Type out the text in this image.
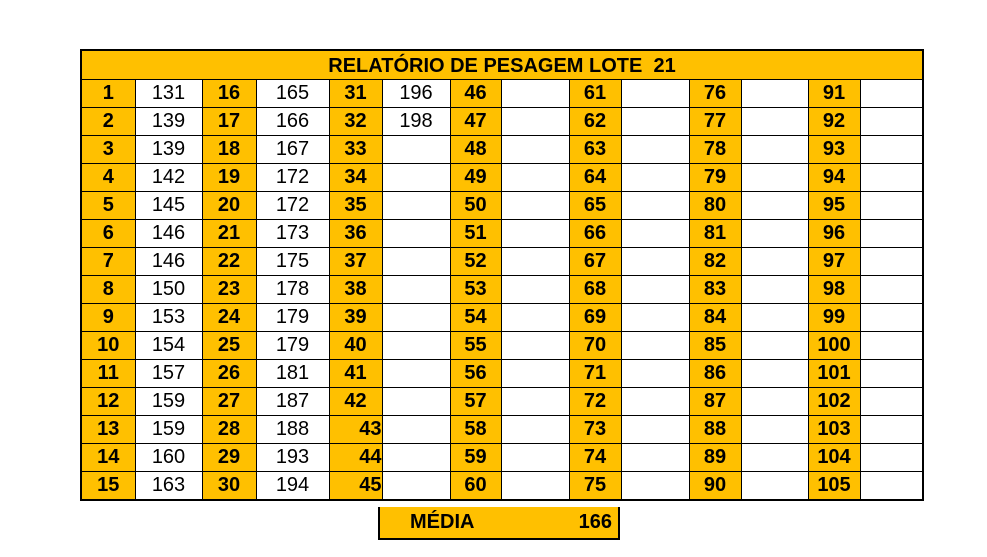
RELATÓRIO DE PESAGEM LOTE  21
1	131	16	165	31	196	46		61		76		91	
2	139	17	166	32	198	47		62		77		92	
3	139	18	167	33		48		63		78		93	
4	142	19	172	34		49		64		79		94	
5	145	20	172	35		50		65		80		95	
6	146	21	173	36		51		66		81		96	
7	146	22	175	37		52		67		82		97	
8	150	23	178	38		53		68		83		98	
9	153	24	179	39		54		69		84		99	
10	154	25	179	40		55		70		85		100	
11	157	26	181	41		56		71		86		101	
12	159	27	187	42		57		72		87		102	
13	159	28	188	43		58		73		88		103	
14	160	29	193	44		59		74		89		104	
15	163	30	194	45		60		75		90		105	
MÉDIA	166
